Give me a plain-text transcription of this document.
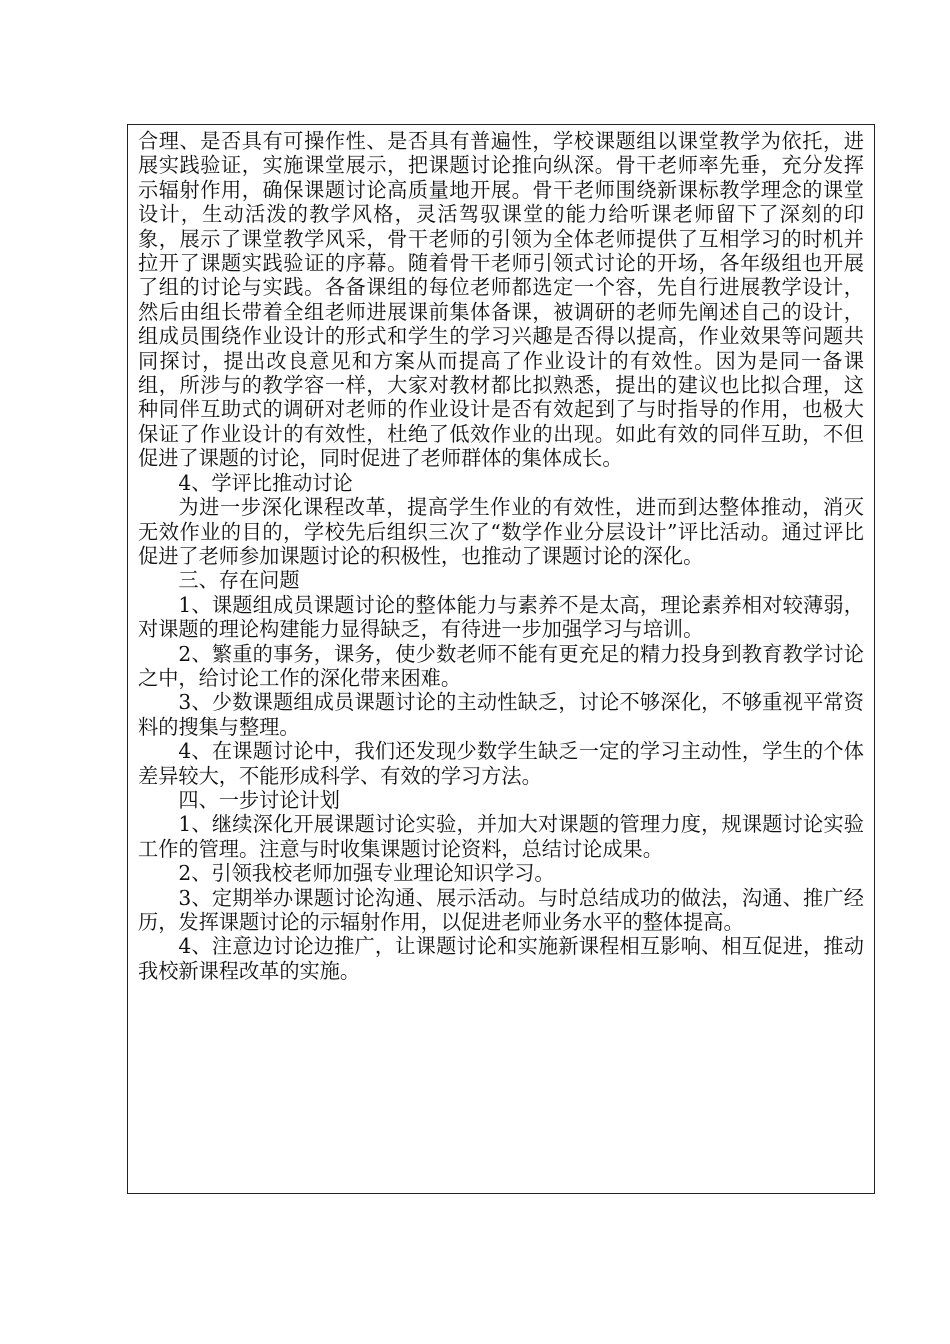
合理、是否具有可操作性、是否具有普遍性，学校课题组以课堂教学为依托，进展实践验证，实施课堂展示，把课题讨论推向纵深。骨干老师率先垂，充分发挥示辐射作用，确保课题讨论高质量地开展。骨干老师围绕新课标教学理念的课堂设计，生动活泼的教学风格，灵活驾驭课堂的能力给听课老师留下了深刻的印象，展示了课堂教学风采，骨干老师的引领为全体老师提供了互相学习的时机并拉开了课题实践验证的序幕。随着骨干老师引领式讨论的开场，各年级组也开展了组的讨论与实践。各备课组的每位老师都选定一个容，先自行进展教学设计，然后由组长带着全组老师进展课前集体备课，被调研的老师先阐述自己的设计，组成员围绕作业设计的形式和学生的学习兴趣是否得以提高，作业效果等问题共同探讨，提出改良意见和方案从而提高了作业设计的有效性。因为是同一备课组，所涉与的教学容一样，大家对教材都比拟熟悉，提出的建议也比拟合理，这种同伴互助式的调研对老师的作业设计是否有效起到了与时指导的作用，也极大保证了作业设计的有效性，杜绝了低效作业的出现。如此有效的同伴互助，不但促进了课题的讨论，同时促进了老师群体的集体成长。

4、学评比推动讨论

为进一步深化课程改革，提高学生作业的有效性，进而到达整体推动，消灭无效作业的目的，学校先后组织三次了“数学作业分层设计”评比活动。通过评比促进了老师参加课题讨论的积极性，也推动了课题讨论的深化。

三、存在问题

1、课题组成员课题讨论的整体能力与素养不是太高，理论素养相对较薄弱，对课题的理论构建能力显得缺乏，有待进一步加强学习与培训。

2、繁重的事务，课务，使少数老师不能有更充足的精力投身到教育教学讨论之中，给讨论工作的深化带来困难。

3、少数课题组成员课题讨论的主动性缺乏，讨论不够深化，不够重视平常资料的搜集与整理。

4、在课题讨论中，我们还发现少数学生缺乏一定的学习主动性，学生的个体差异较大，不能形成科学、有效的学习方法。

四、一步讨论计划

1、继续深化开展课题讨论实验，并加大对课题的管理力度，规课题讨论实验工作的管理。注意与时收集课题讨论资料，总结讨论成果。

2、引领我校老师加强专业理论知识学习。

3、定期举办课题讨论沟通、展示活动。与时总结成功的做法，沟通、推广经历，发挥课题讨论的示辐射作用，以促进老师业务水平的整体提高。

4、注意边讨论边推广，让课题讨论和实施新课程相互影响、相互促进，推动我校新课程改革的实施。
